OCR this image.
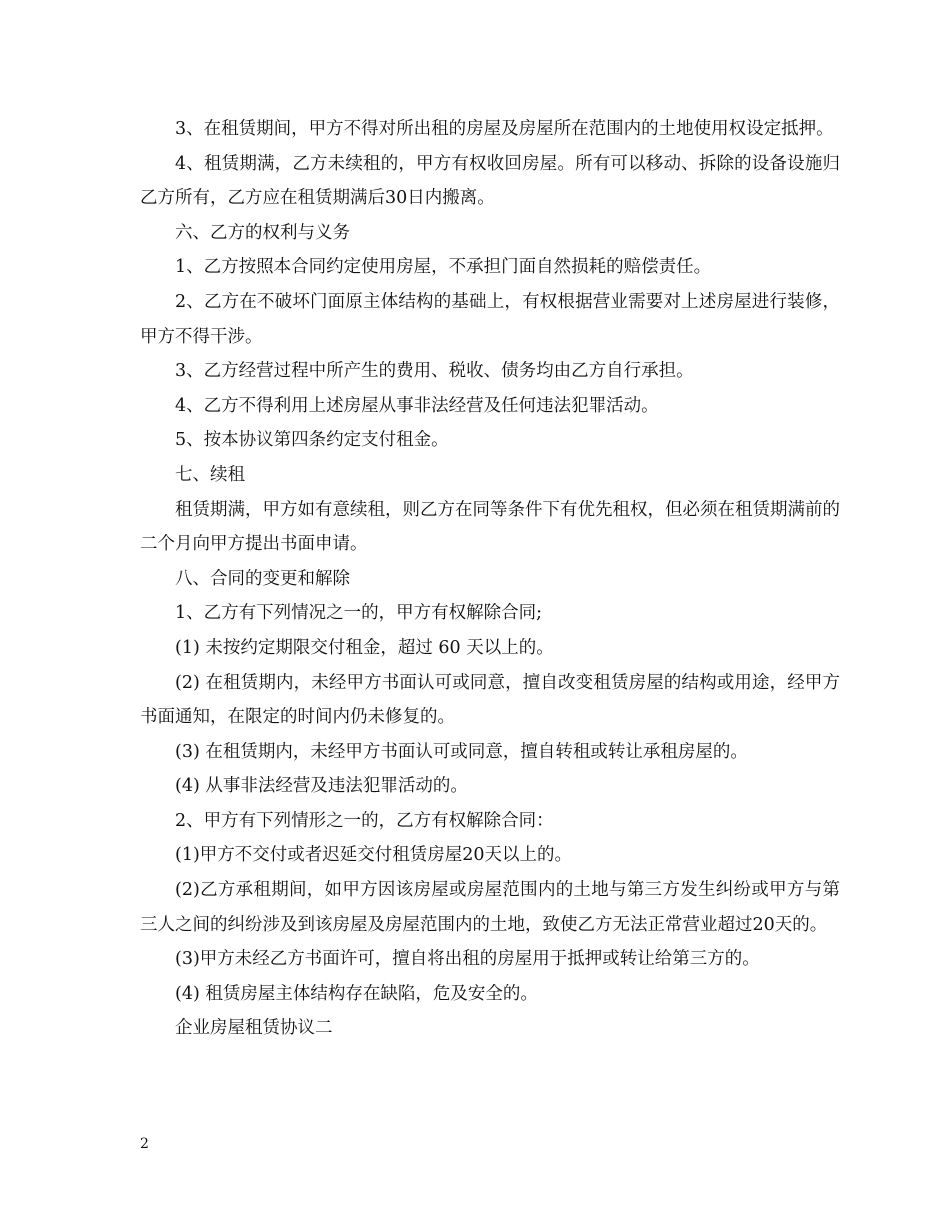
3、在租赁期间，甲方不得对所出租的房屋及房屋所在范围内的土地使用权设定抵押。

4、租赁期满，乙方未续租的，甲方有权收回房屋。所有可以移动、拆除的设备设施归乙方所有，乙方应在租赁期满后30日内搬离。

六、乙方的权利与义务

1、乙方按照本合同约定使用房屋，不承担门面自然损耗的赔偿责任。

2、乙方在不破坏门面原主体结构的基础上，有权根据营业需要对上述房屋进行装修，甲方不得干涉。

3、乙方经营过程中所产生的费用、税收、债务均由乙方自行承担。

4、乙方不得利用上述房屋从事非法经营及任何违法犯罪活动。

5、按本协议第四条约定支付租金。

七、续租

租赁期满，甲方如有意续租，则乙方在同等条件下有优先租权，但必须在租赁期满前的二个月向甲方提出书面申请。

八、合同的变更和解除

1、乙方有下列情况之一的，甲方有权解除合同;

(1) 未按约定期限交付租金，超过 60 天以上的。

(2) 在租赁期内，未经甲方书面认可或同意，擅自改变租赁房屋的结构或用途，经甲方书面通知，在限定的时间内仍未修复的。

(3) 在租赁期内，未经甲方书面认可或同意，擅自转租或转让承租房屋的。

(4) 从事非法经营及违法犯罪活动的。

2、甲方有下列情形之一的，乙方有权解除合同：

(1)甲方不交付或者迟延交付租赁房屋20天以上的。

(2)乙方承租期间，如甲方因该房屋或房屋范围内的土地与第三方发生纠纷或甲方与第三人之间的纠纷涉及到该房屋及房屋范围内的土地，致使乙方无法正常营业超过20天的。

(3)甲方未经乙方书面许可，擅自将出租的房屋用于抵押或转让给第三方的。

(4) 租赁房屋主体结构存在缺陷，危及安全的。

企业房屋租赁协议二

2
